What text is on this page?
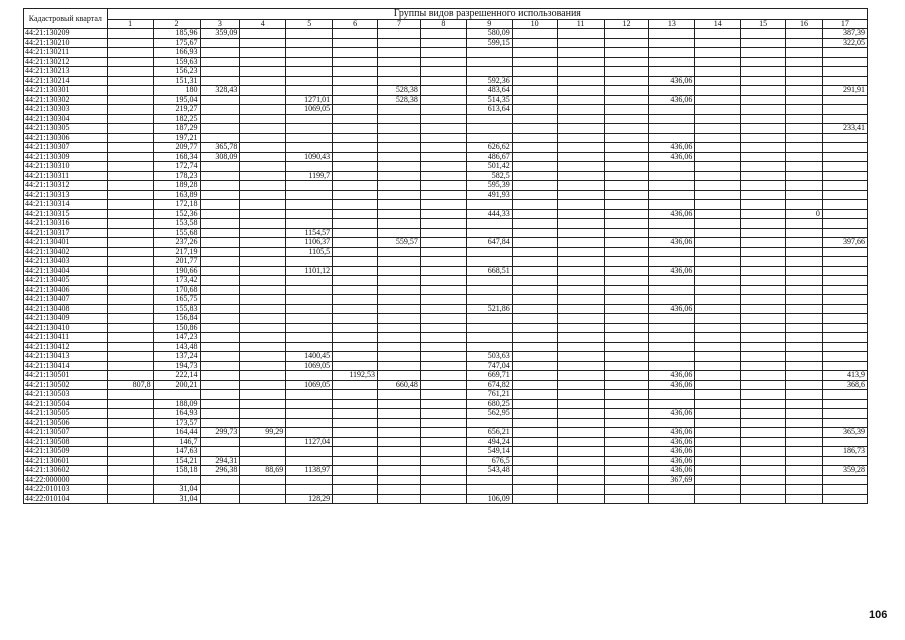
Кадастровый квартал	Группы видов разрешенного использования																
	1	2	3	4	5	6	7	8	9	10	11	12	13	14	15	16	17
44:21:130209		185,96	359,09						580,09								387,39
44:21:130210		175,67							599,15								322,05
44:21:130211		166,93															
44:21:130212		159,63															
44:21:130213		156,23															
44:21:130214		151,31							592,36				436,06				
44:21:130301		180	328,43				528,38		483,64								291,91
44:21:130302		195,04			1271,01		528,38		514,35				436,06				
44:21:130303		219,27			1069,05				613,64								
44:21:130304		182,25															
44:21:130305		187,29															233,41
44:21:130306		197,21															
44:21:130307		209,77	365,78						626,62				436,06				
44:21:130309		168,34	308,09		1090,43				486,67				436,06				
44:21:130310		172,74							501,42								
44:21:130311		178,23			1199,7				582,5								
44:21:130312		189,28							595,39								
44:21:130313		163,89							491,93								
44:21:130314		172,18															
44:21:130315		152,36							444,33				436,06			0	
44:21:130316		153,58															
44:21:130317		155,68			1154,57												
44:21:130401		237,26			1106,37		559,57		647,84				436,06				397,66
44:21:130402		217,19			1105,5												
44:21:130403		201,77															
44:21:130404		190,66			1101,12				668,51				436,06				
44:21:130405		173,42															
44:21:130406		170,68															
44:21:130407		165,75															
44:21:130408		155,83							521,86				436,06				
44:21:130409		156,84															
44:21:130410		150,86															
44:21:130411		147,23															
44:21:130412		143,48															
44:21:130413		137,24			1400,45				503,63								
44:21:130414		194,73			1069,05				747,04								
44:21:130501		222,14				1192,53			669,71				436,06				413,9
44:21:130502	807,8	200,21			1069,05		660,48		674,82				436,06				368,6
44:21:130503									761,21								
44:21:130504		188,09							680,25								
44:21:130505		164,93							562,95				436,06				
44:21:130506		173,57															
44:21:130507		164,44	299,73	99,29					656,21				436,06				365,39
44:21:130508		146,7			1127,04				494,24				436,06				
44:21:130509		147,63							549,14				436,06				186,73
44:21:130601		154,21	294,31						676,5				436,06				
44:21:130602		158,18	296,38	88,69	1138,97				543,48				436,06				359,28
44:22:000000													367,69				
44:22:010103		31,04															
44:22:010104		31,04			128,29				106,09								
106
